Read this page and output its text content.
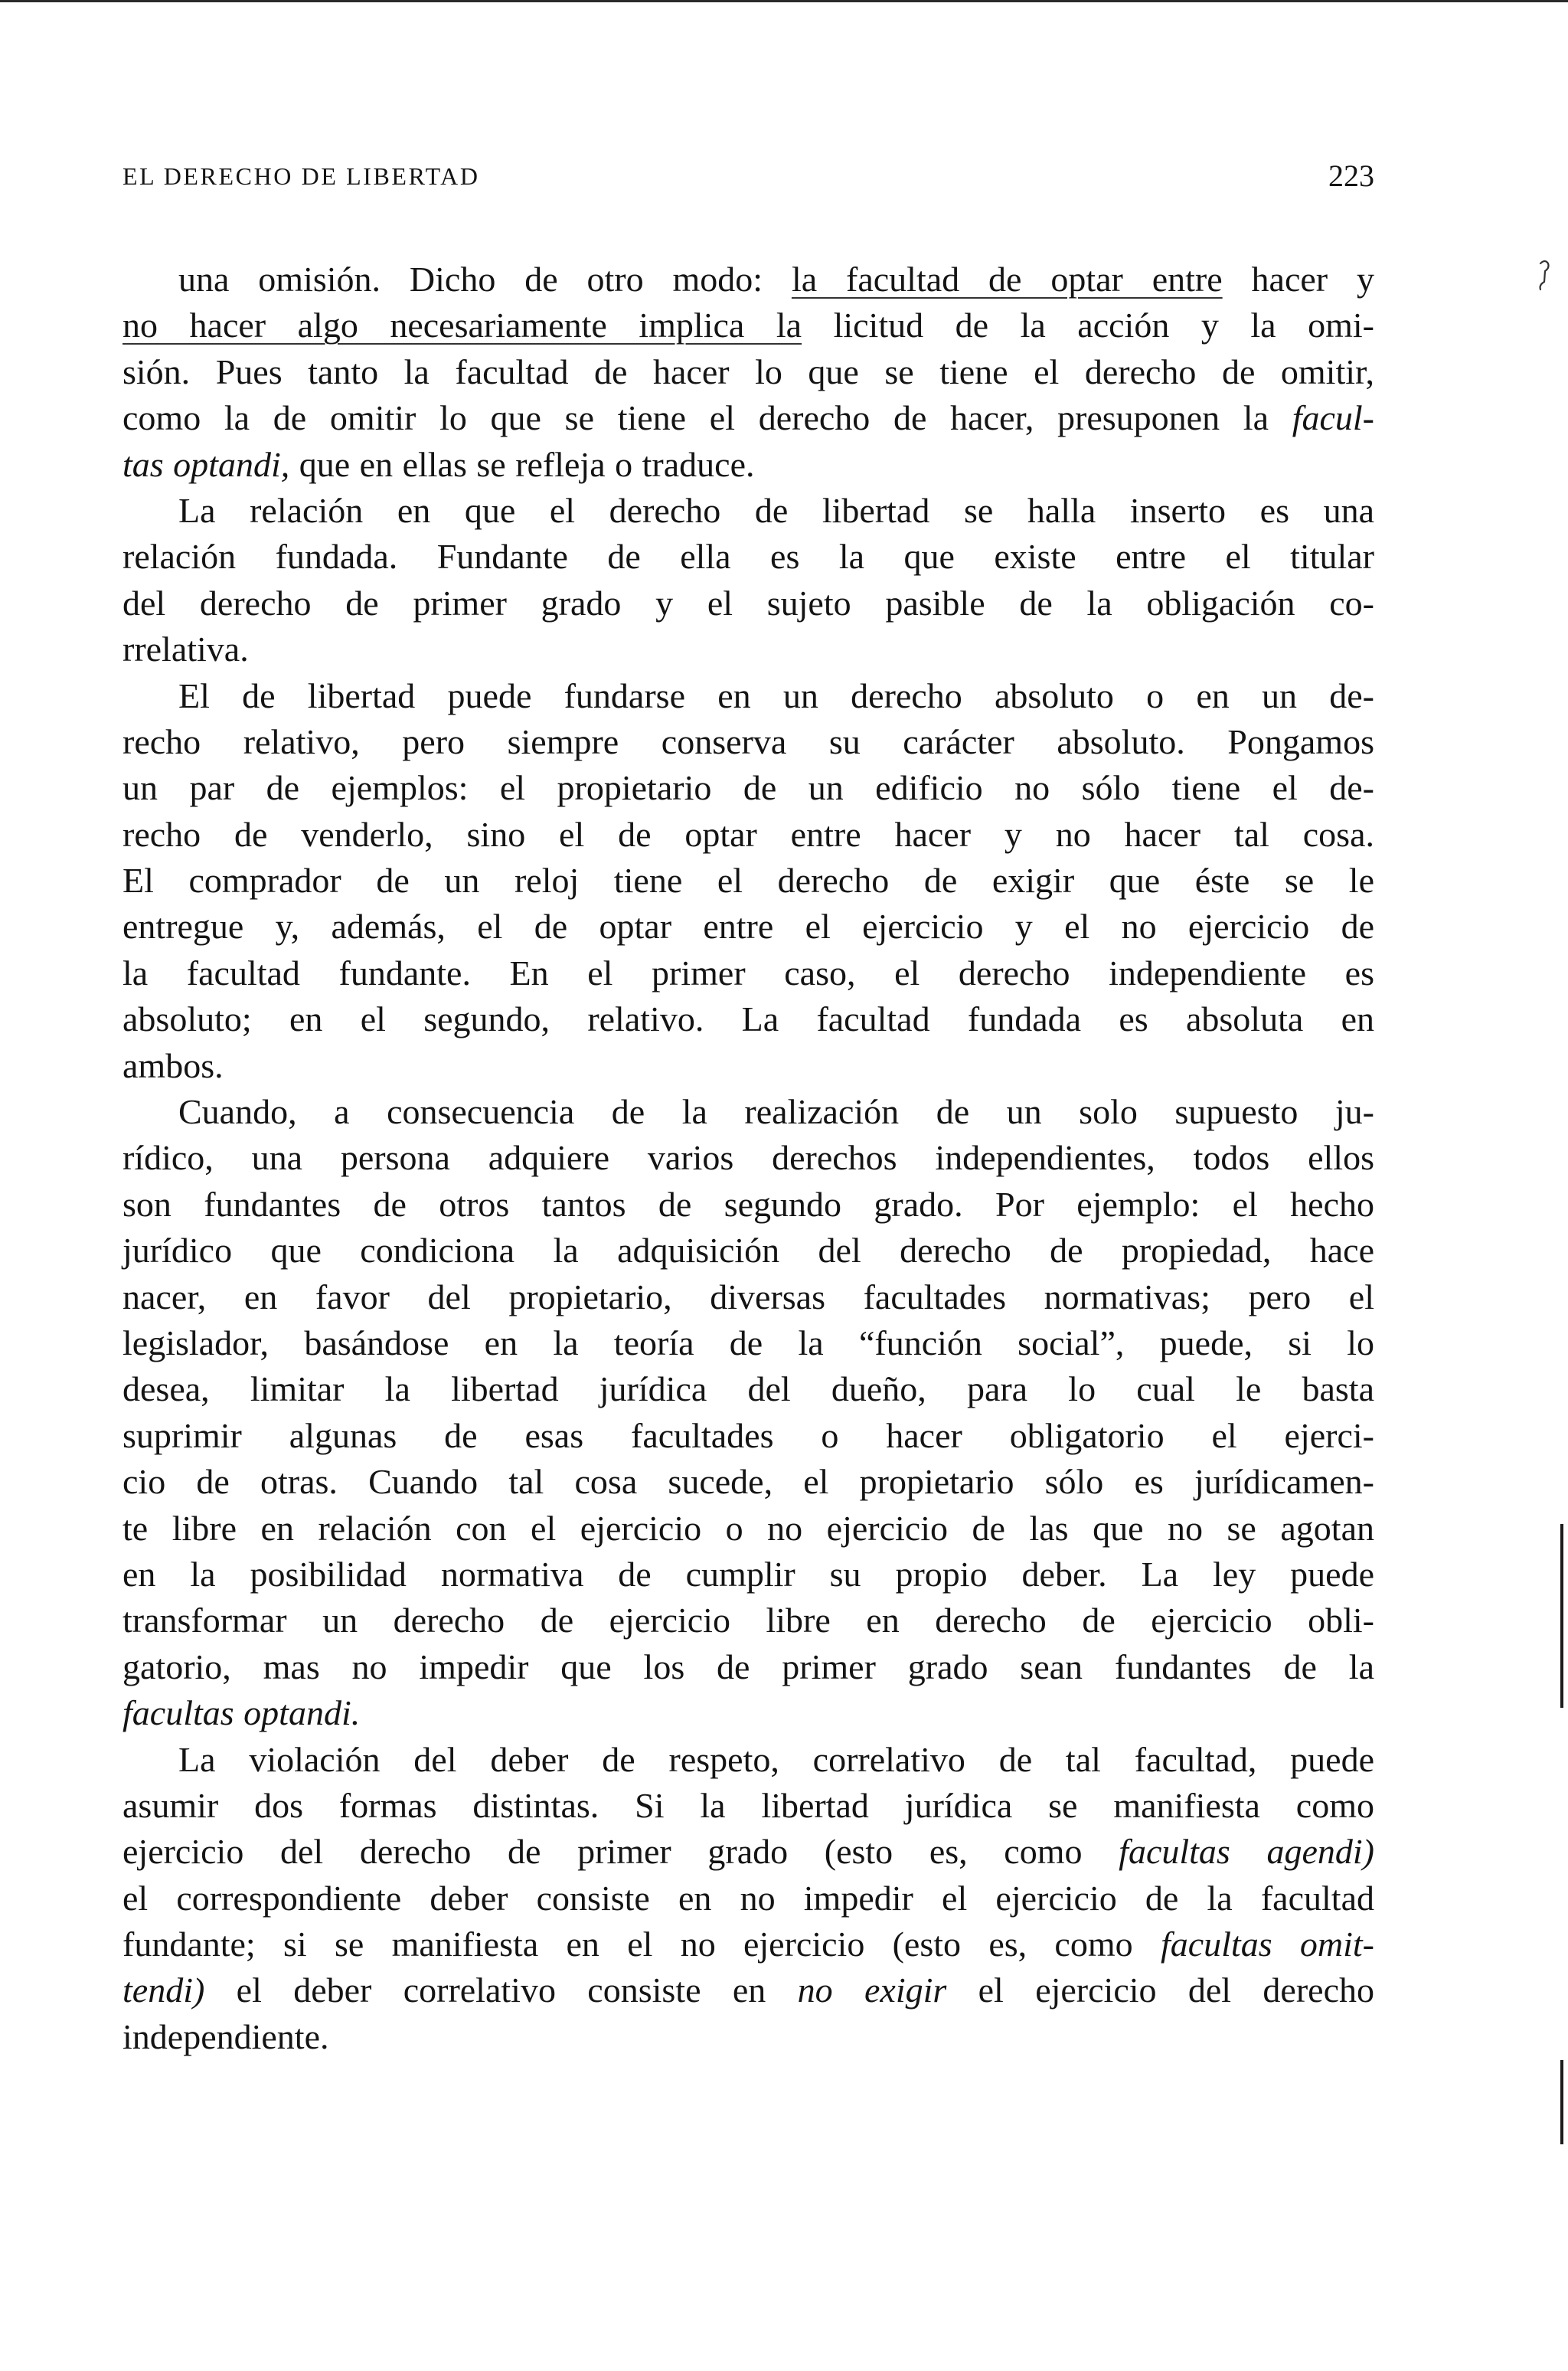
EL DERECHO DE LIBERTAD	223
una omisión. Dicho de otro modo: la facultad de optar entre hacer y
no hacer algo necesariamente implica la licitud de la acción y la omi-
sión. Pues tanto la facultad de hacer lo que se tiene el derecho de omitir,
como la de omitir lo que se tiene el derecho de hacer, presuponen la facul-
tas optandi, que en ellas se refleja o traduce.
La relación en que el derecho de libertad se halla inserto es una
relación fundada. Fundante de ella es la que existe entre el titular
del derecho de primer grado y el sujeto pasible de la obligación co-
rrelativa.
El de libertad puede fundarse en un derecho absoluto o en un de-
recho relativo, pero siempre conserva su carácter absoluto. Pongamos
un par de ejemplos: el propietario de un edificio no sólo tiene el de-
recho de venderlo, sino el de optar entre hacer y no hacer tal cosa.
El comprador de un reloj tiene el derecho de exigir que éste se le
entregue y, además, el de optar entre el ejercicio y el no ejercicio de
la facultad fundante. En el primer caso, el derecho independiente es
absoluto; en el segundo, relativo. La facultad fundada es absoluta en
ambos.
Cuando, a consecuencia de la realización de un solo supuesto ju-
rídico, una persona adquiere varios derechos independientes, todos ellos
son fundantes de otros tantos de segundo grado. Por ejemplo: el hecho
jurídico que condiciona la adquisición del derecho de propiedad, hace
nacer, en favor del propietario, diversas facultades normativas; pero el
legislador, basándose en la teoría de la “función social”, puede, si lo
desea, limitar la libertad jurídica del dueño, para lo cual le basta
suprimir algunas de esas facultades o hacer obligatorio el ejerci-
cio de otras. Cuando tal cosa sucede, el propietario sólo es jurídicamen-
te libre en relación con el ejercicio o no ejercicio de las que no se agotan
en la posibilidad normativa de cumplir su propio deber. La ley puede
transformar un derecho de ejercicio libre en derecho de ejercicio obli-
gatorio, mas no impedir que los de primer grado sean fundantes de la
facultas optandi.
La violación del deber de respeto, correlativo de tal facultad, puede
asumir dos formas distintas. Si la libertad jurídica se manifiesta como
ejercicio del derecho de primer grado (esto es, como facultas agendi)
el correspondiente deber consiste en no impedir el ejercicio de la facultad
fundante; si se manifiesta en el no ejercicio (esto es, como facultas omit-
tendi) el deber correlativo consiste en no exigir el ejercicio del derecho
independiente.
